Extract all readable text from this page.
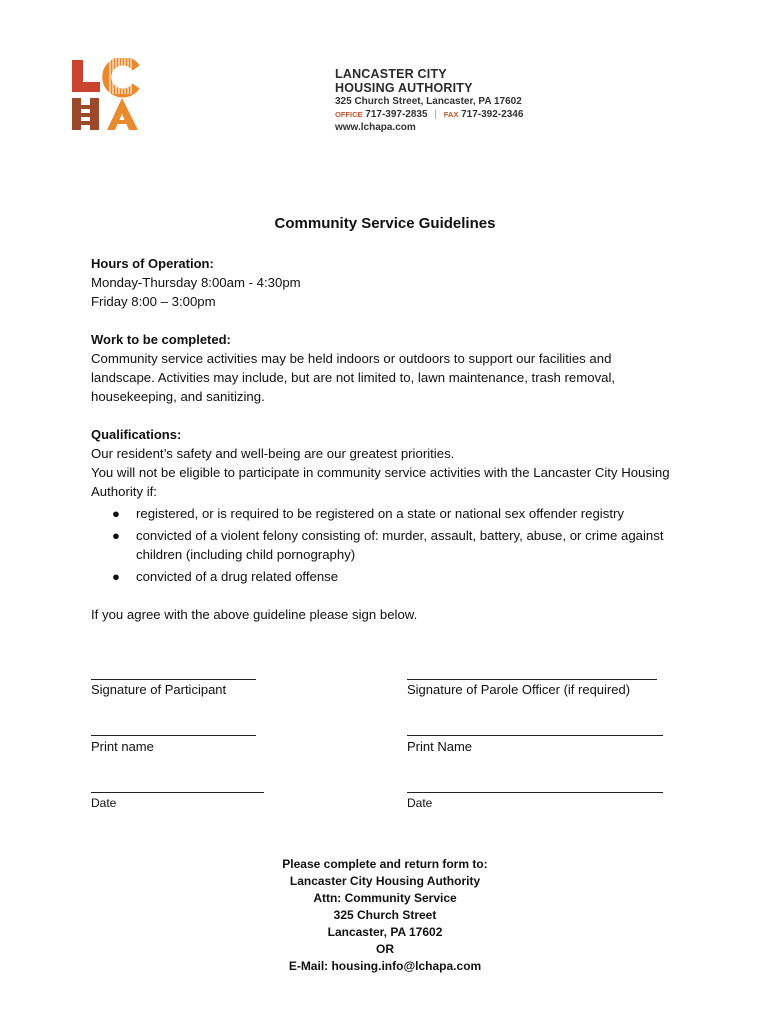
LANCASTER CITY
HOUSING AUTHORITY
325 Church Street, Lancaster, PA 17602
OFFICE 717-397-2835 | FAX 717-392-2346
www.lchapa.com
Community Service Guidelines
Hours of Operation:
Monday-Thursday 8:00am - 4:30pm
Friday 8:00 – 3:00pm
Work to be completed:
Community service activities may be held indoors or outdoors to support our facilities and landscape. Activities may include, but are not limited to, lawn maintenance, trash removal, housekeeping, and sanitizing.
Qualifications:
Our resident’s safety and well-being are our greatest priorities.
You will not be eligible to participate in community service activities with the Lancaster City Housing Authority if:
● registered, or is required to be registered on a state or national sex offender registry
● convicted of a violent felony consisting of: murder, assault, battery, abuse, or crime against children (including child pornography)
● convicted of a drug related offense
If you agree with the above guideline please sign below.
Signature of Participant	Signature of Parole Officer (if required)
Print name	Print Name
Date	Date
Please complete and return form to:
Lancaster City Housing Authority
Attn: Community Service
325 Church Street
Lancaster, PA 17602
OR
E-Mail: housing.info@lchapa.com
